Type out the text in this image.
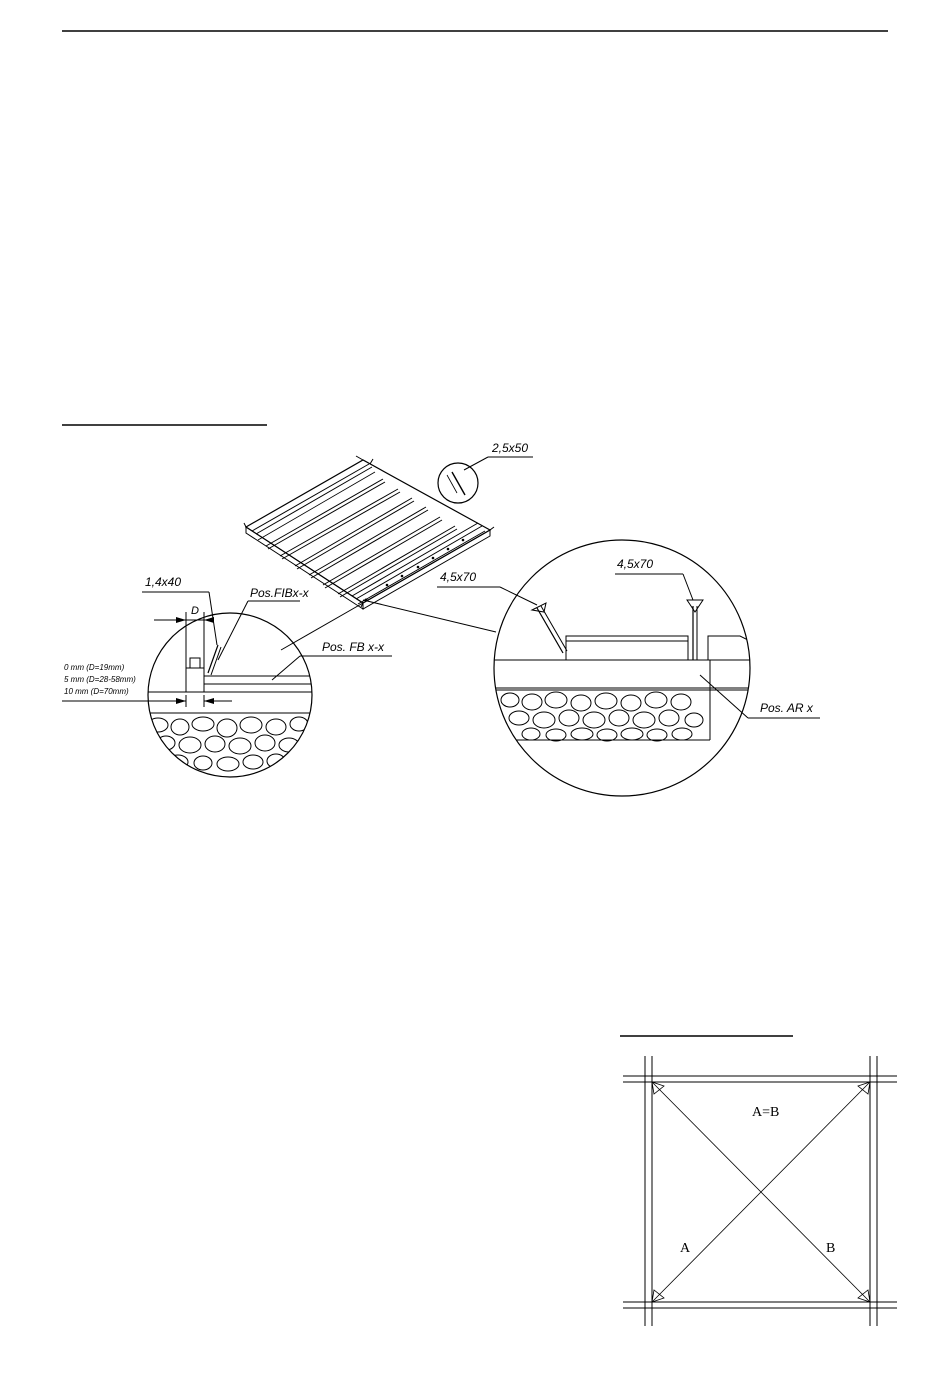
2,5x50
D
1,4x40
Pos.FIBx-x
Pos. FB x-x
0 mm (D=19mm)
5 mm (D=28-58mm)
10 mm (D=70mm)
4,5x70
4,5x70
Pos. AR x
A=B
A	B
